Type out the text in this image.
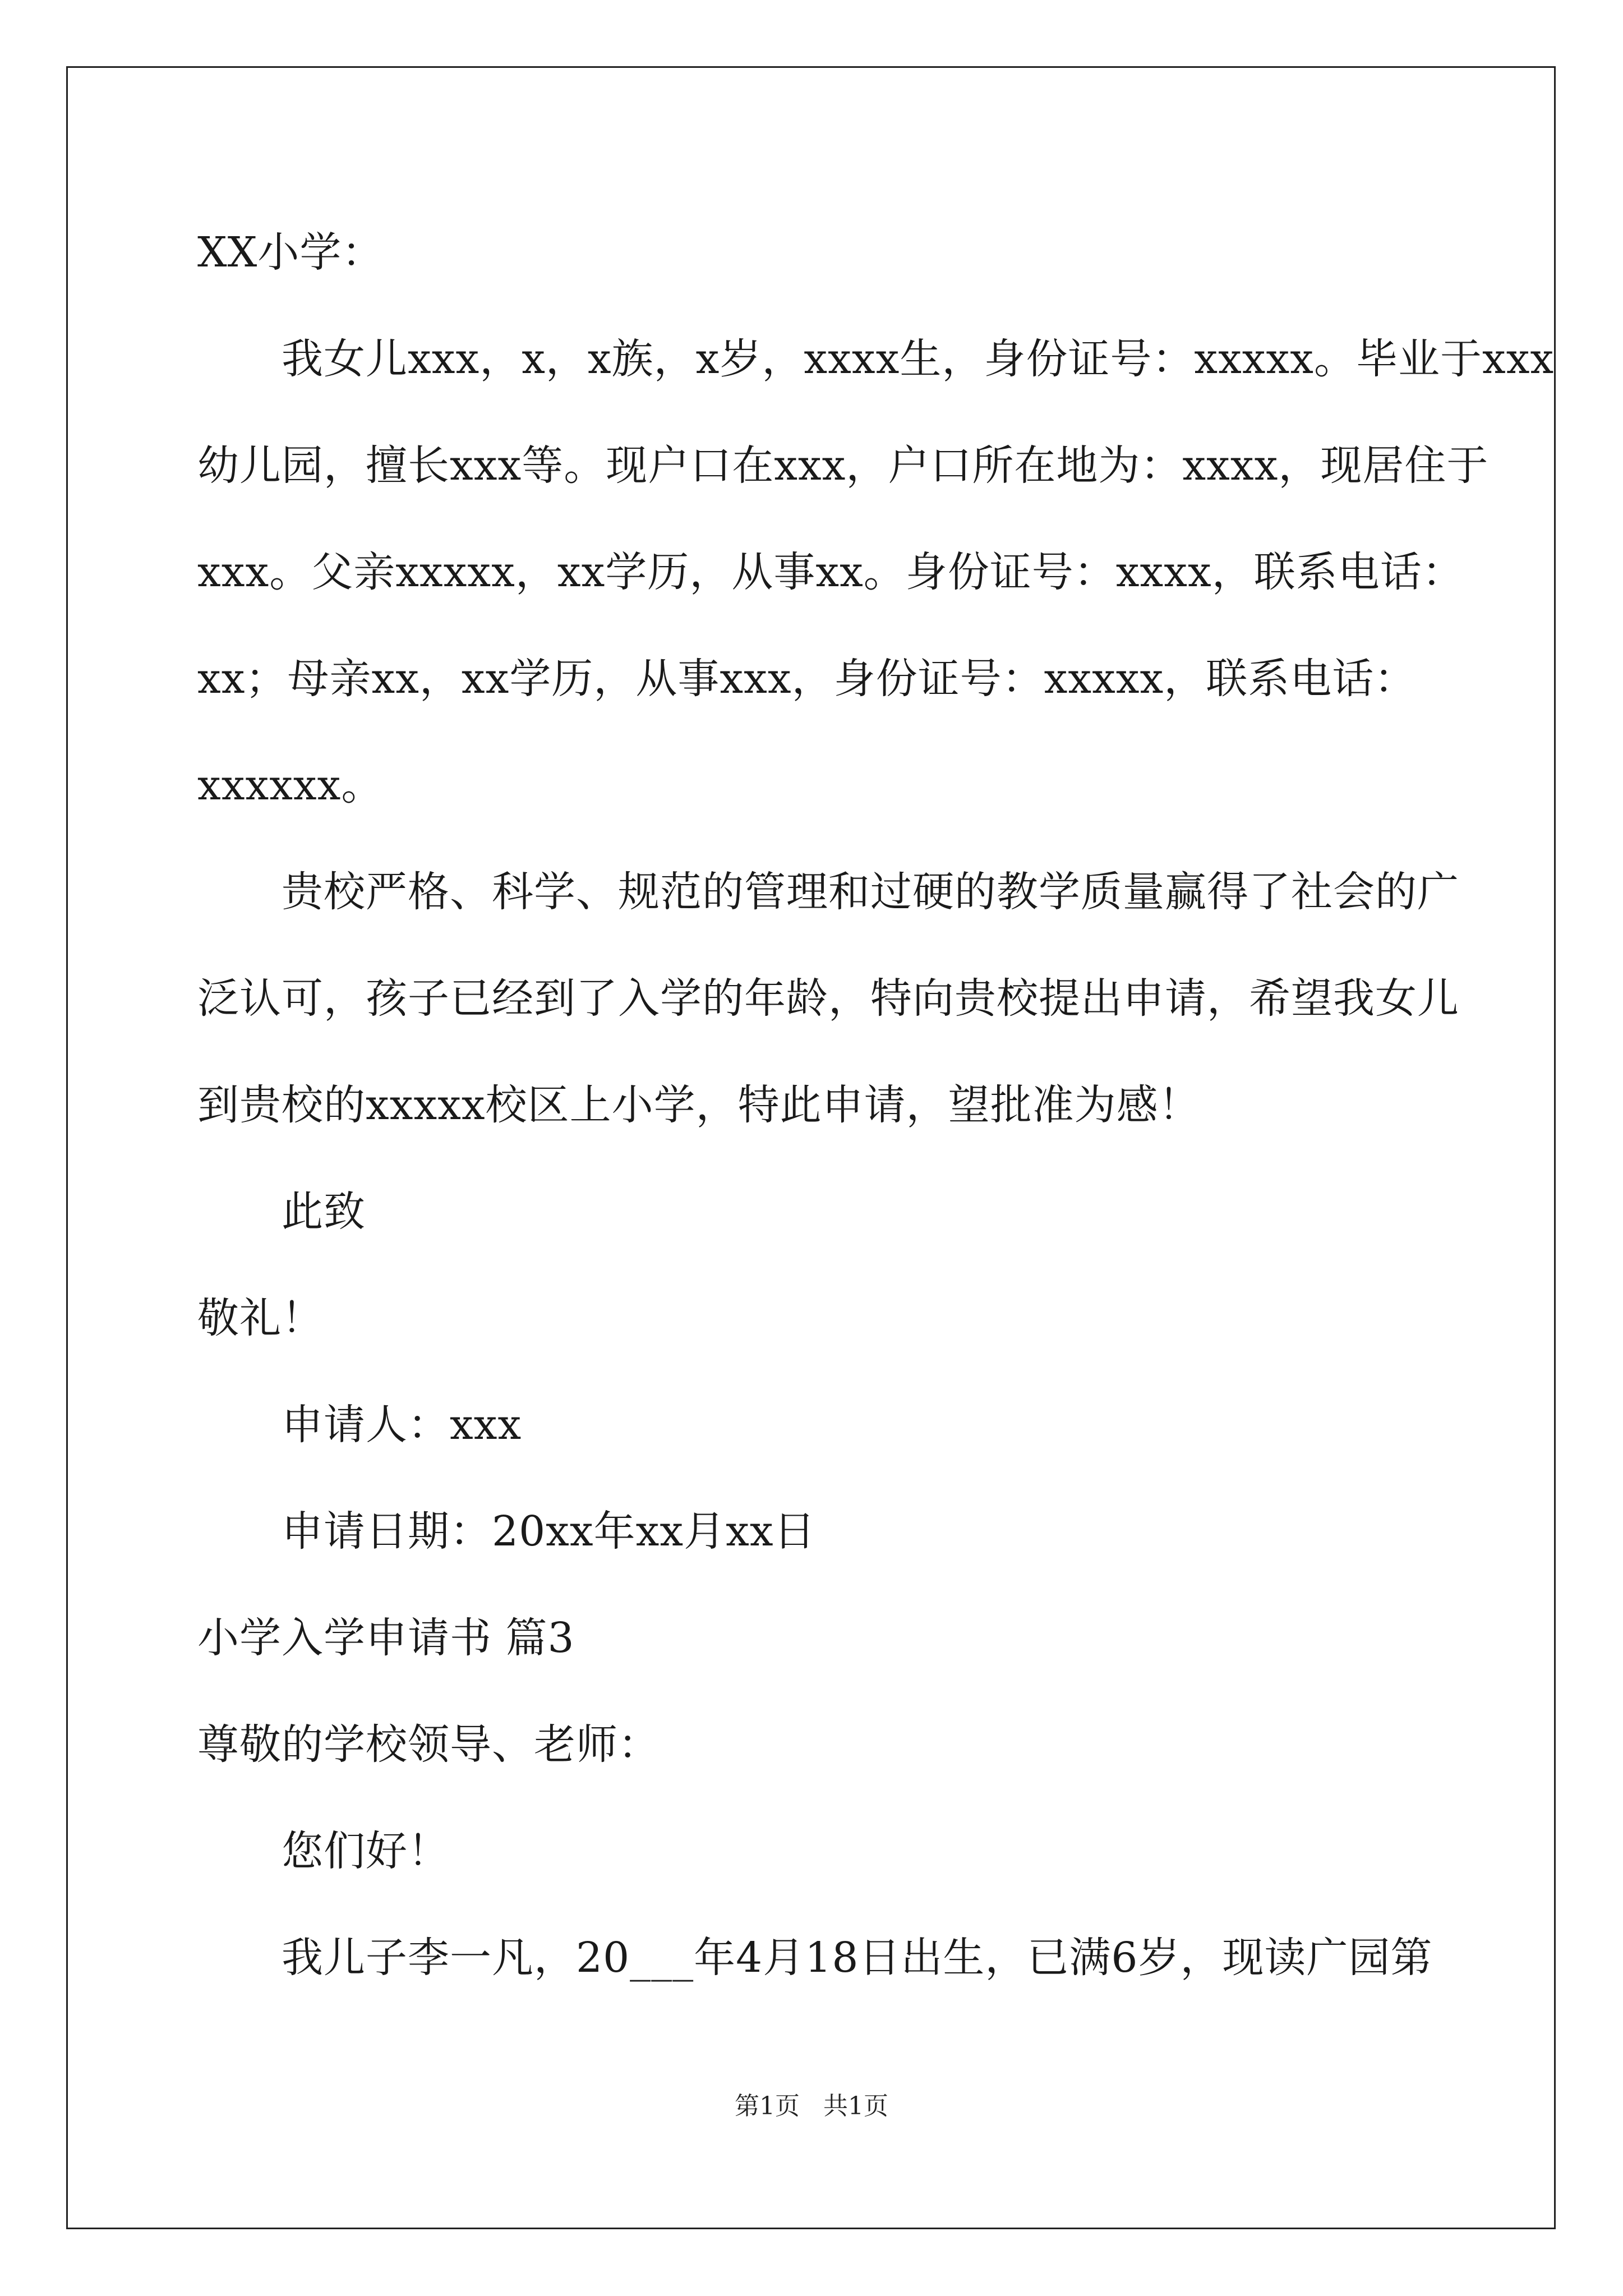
XX小学：
我女儿xxx，x，x族，x岁，xxxx生，身份证号：xxxxx。毕业于xxx
幼儿园，擅长xxx等。现户口在xxx，户口所在地为：xxxx，现居住于
xxx。父亲xxxxx，xx学历，从事xx。身份证号：xxxx，联系电话：
xx；母亲xx，xx学历，从事xxx，身份证号：xxxxx，联系电话：
xxxxxx。
贵校严格、科学、规范的管理和过硬的教学质量赢得了社会的广
泛认可，孩子已经到了入学的年龄，特向贵校提出申请，希望我女儿
到贵校的xxxxx校区上小学，特此申请，望批准为感！
此致
敬礼！
申请人：xxx
申请日期：20xx年xx月xx日
小学入学申请书 篇3
尊敬的学校领导、老师：
您们好！
我儿子李一凡，20___年4月18日出生，已满6岁，现读广园第
第1页 共1页
